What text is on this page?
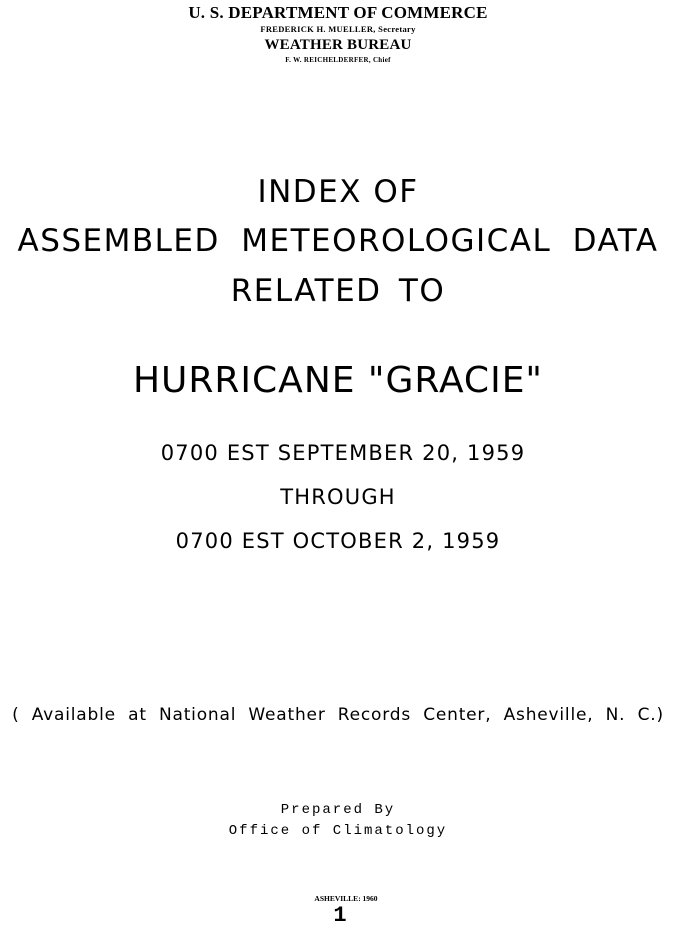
U. S. DEPARTMENT OF COMMERCE
FREDERICK H. MUELLER, Secretary
WEATHER BUREAU
F. W. REICHELDERFER, Chief
INDEX OF
ASSEMBLED METEOROLOGICAL DATA
RELATED TO
HURRICANE "GRACIE"
0700 EST SEPTEMBER 20, 1959
THROUGH
0700 EST OCTOBER 2, 1959
( Available at National Weather Records Center, Asheville, N. C.)
Prepared By
Office of Climatology
ASHEVILLE: 1960
1
